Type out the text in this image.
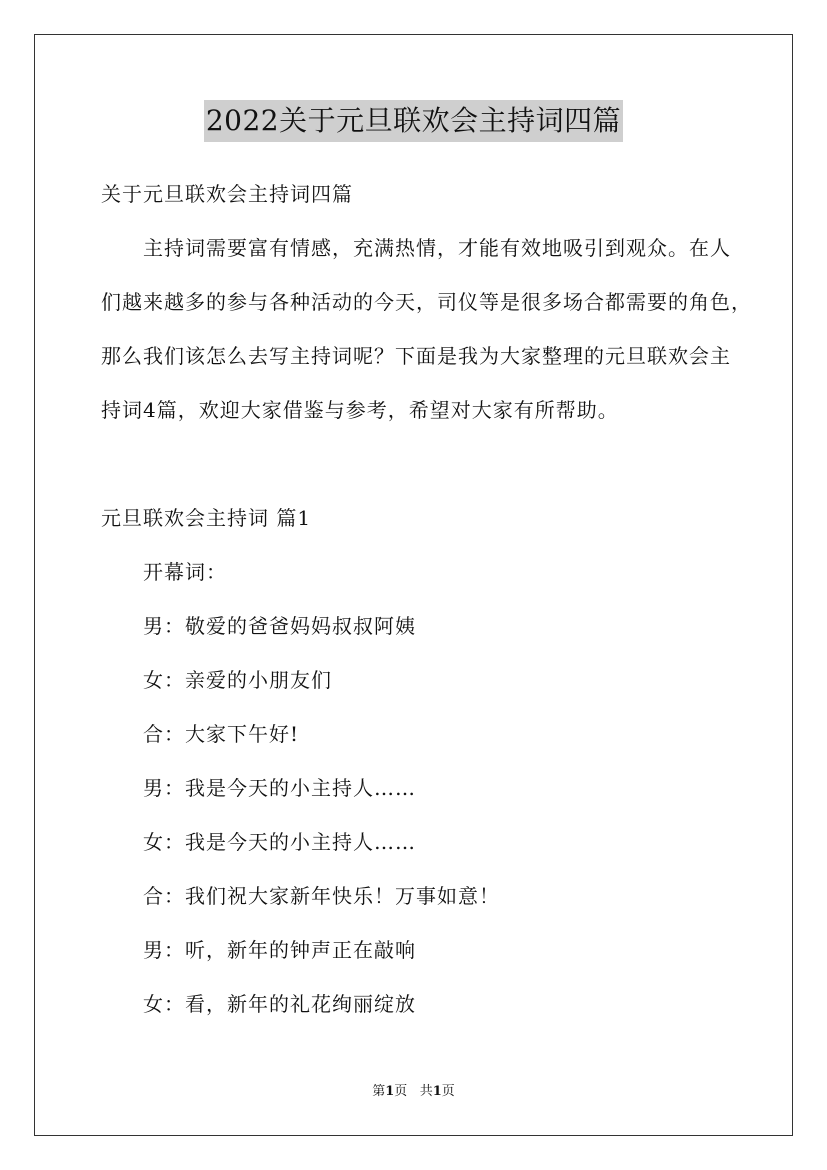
2022关于元旦联欢会主持词四篇
关于元旦联欢会主持词四篇
主持词需要富有情感，充满热情，才能有效地吸引到观众。在人
们越来越多的参与各种活动的今天，司仪等是很多场合都需要的角色，
那么我们该怎么去写主持词呢？下面是我为大家整理的元旦联欢会主
持词4篇，欢迎大家借鉴与参考，希望对大家有所帮助。
元旦联欢会主持词 篇1
开幕词：
男：敬爱的爸爸妈妈叔叔阿姨
女：亲爱的小朋友们
合：大家下午好!
男：我是今天的小主持人……
女：我是今天的小主持人……
合：我们祝大家新年快乐！万事如意！
男：听，新年的钟声正在敲响
女：看，新年的礼花绚丽绽放
第1页 共1页
